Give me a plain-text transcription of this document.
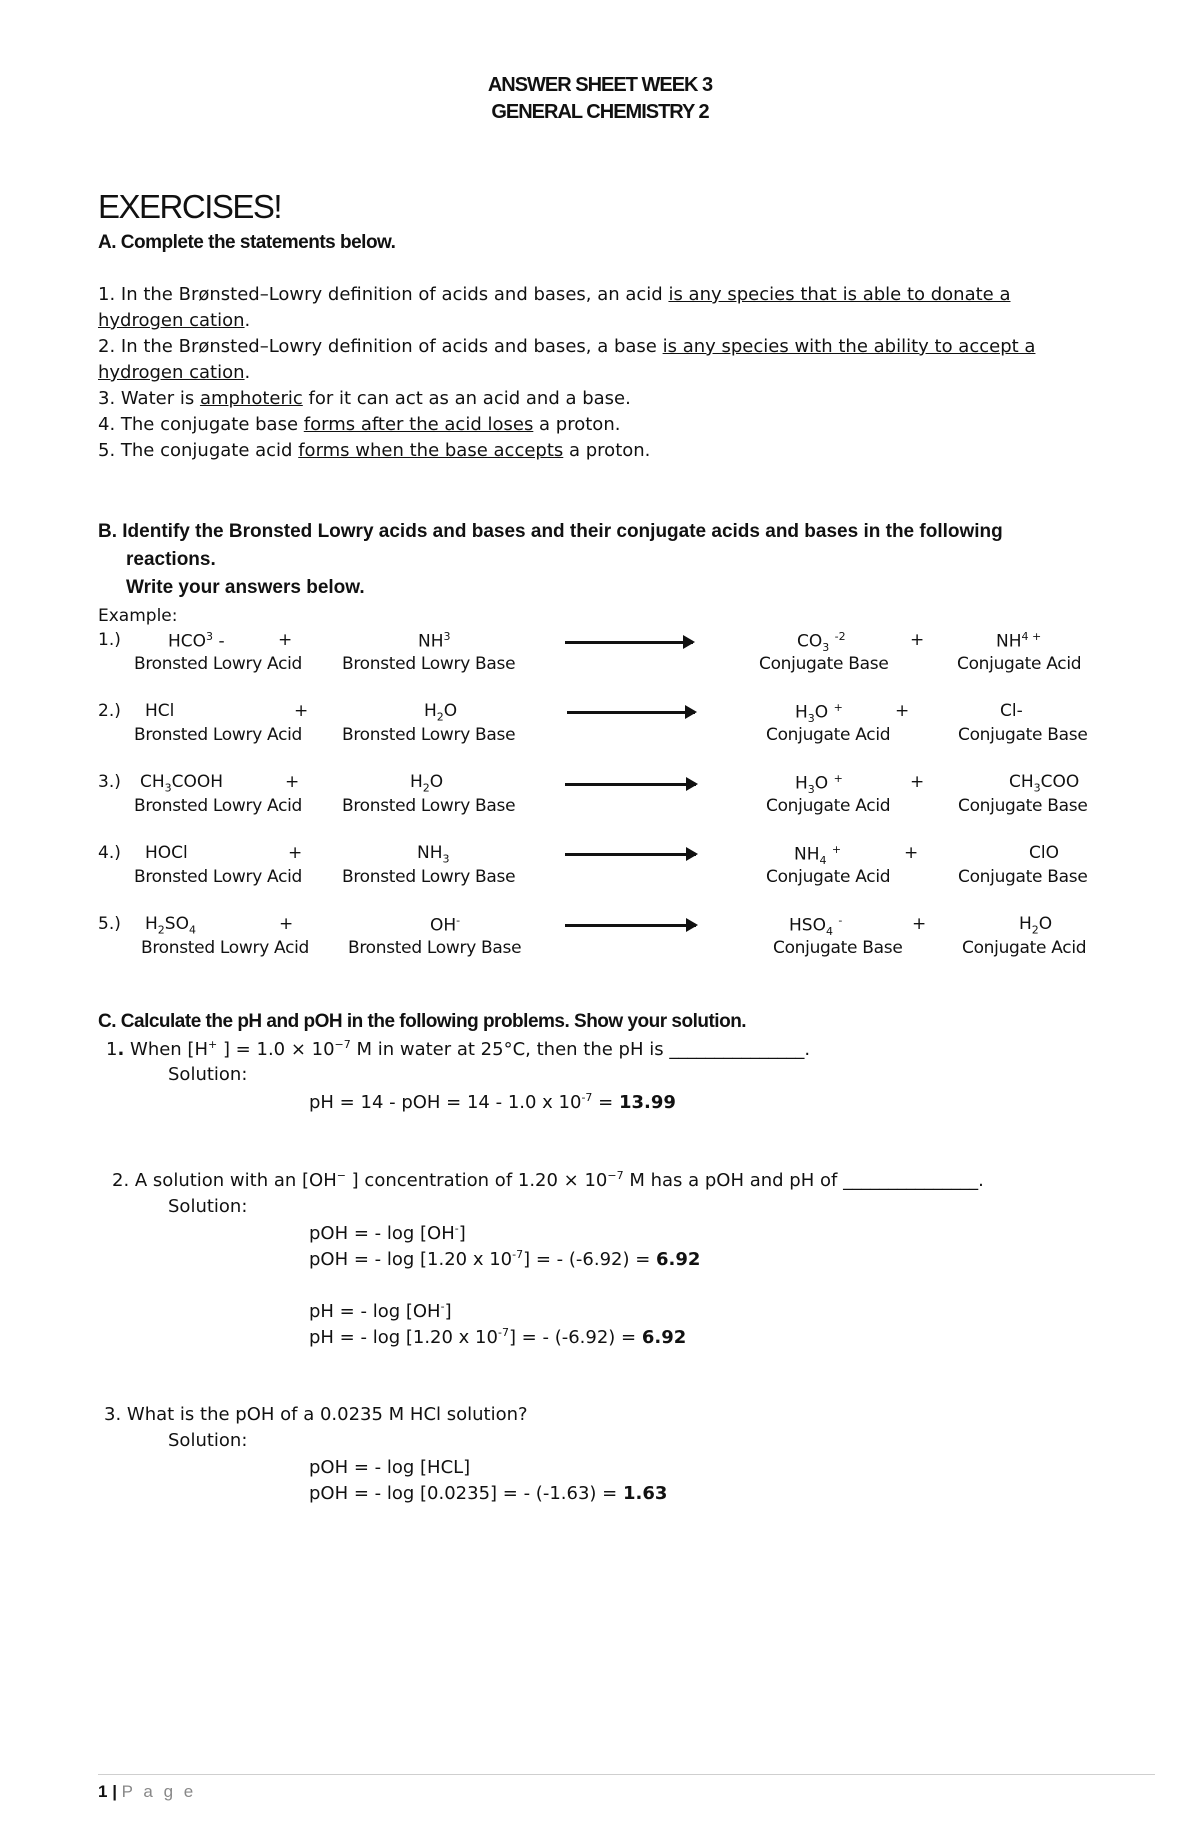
ANSWER SHEET WEEK 3
GENERAL CHEMISTRY 2
EXERCISES!
A. Complete the statements below.
1. In the Brønsted–Lowry definition of acids and bases, an acid is any species that is able to donate a
hydrogen cation.
2. In the Brønsted–Lowry definition of acids and bases, a base is any species with the ability to accept a
hydrogen cation.
3. Water is amphoteric for it can act as an acid and a base.
4. The conjugate base forms after the acid loses a proton.
5. The conjugate acid forms when the base accepts a proton.
B. Identify the Bronsted Lowry acids and bases and their conjugate acids and bases in the following
reactions.
Write your answers below.
Example:
1.)	HCO$^3$ -	+	$NH^3$	$CO_3$ $^{-2}$	+	$NH^{4 +}$
Bronsted Lowry Acid Bronsted Lowry Base	Conjugate Base	Conjugate Acid
2.) HCl	+	$H_2O$	$H_3O$ +	+	Cl-
Bronsted Lowry Acid Bronsted Lowry Base	Conjugate Acid	Conjugate Base
3.) $CH_3COOH$	+	$H_2O$	$H_3O$ +	+	$CH_3COO$
Bronsted Lowry Acid Bronsted Lowry Base	Conjugate Acid	Conjugate Base
4.) HOCl	+	$NH_3$	$NH_4$ +	+	ClO
Bronsted Lowry Acid Bronsted Lowry Base	Conjugate Acid	Conjugate Base
5.) $H_2SO_4$	+	OH-	$HSO_4$ -	+	$H_2O$
Bronsted Lowry Acid Bronsted Lowry Base	Conjugate Base	Conjugate Acid
C. Calculate the pH and pOH in the following problems. Show your solution.
1. When [H+ ] = $1.0 \times 10^{-7}$ M in water at 25°C, then the pH is _______________.
Solution:
pH = 14 - pOH = 14 - 1.0 x $10^{-7} = 13.99$
2. A solution with an [OH− ] concentration of $1.20 \times 10^{-7}$ M has a pOH and pH of _______________.
Solution:
pOH = - log [OH-]
pOH = - log [1.20 x $10^{-7}$] = - (-6.92) = 6.92
pH = - log [OH-]
pH = - log [1.20 x $10^{-7}$] = - (-6.92) = 6.92
3. What is the pOH of a 0.0235 M HCl solution?
Solution:
pOH = - log [HCL]
pOH = - log [0.0235] = - (-1.63) = 1.63
1 | P a g e
